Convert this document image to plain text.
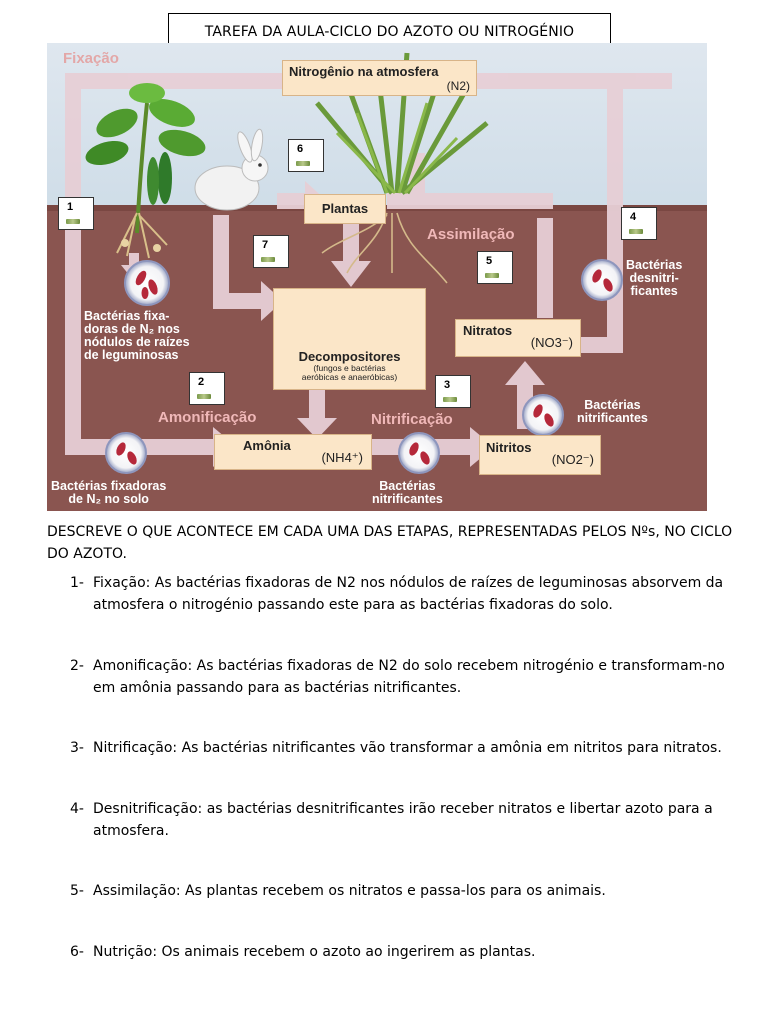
TAREFA DA AULA-CICLO DO AZOTO OU NITROGÉNIO
Fixação
Amonificação	Nitrificação
Assimilação
Nitrogênio na atmosfera
(N2)
Plantas
Nitratos
(NO3⁻)
Decompositores
(fungos e bactérias
aeróbicas e anaeróbicas)
Amônia
(NH4⁺)
Nitritos
(NO2⁻)
Bactérias fixa-
doras de N₂ nos
nódulos de raízes
de leguminosas
Bactérias fixadoras
de N₂ no solo
Bactérias
nitrificantes
Bactérias
nitrificantes
Bactérias
desnitri-
ficantes
1
2	3
4
5
6
7
DESCREVE O QUE ACONTECE EM CADA UMA DAS ETAPAS, REPRESENTADAS PELOS Nºs, NO CICLO DO AZOTO.
1- Fixação: As bactérias fixadoras de N2 nos nódulos de raízes de leguminosas absorvem da atmosfera o nitrogénio passando este para as bactérias fixadoras do solo.
2- Amonificação: As bactérias fixadoras de N2 do solo recebem nitrogénio e transformam-no em amônia passando para as bactérias nitrificantes.
3- Nitrificação: As bactérias nitrificantes vão transformar a amônia em nitritos para nitratos.
4- Desnitrificação: as bactérias desnitrificantes irão receber nitratos e libertar azoto para a atmosfera.
5- Assimilação: As plantas recebem os nitratos e passa-los para os animais.
6- Nutrição: Os animais recebem o azoto ao ingerirem as plantas.
